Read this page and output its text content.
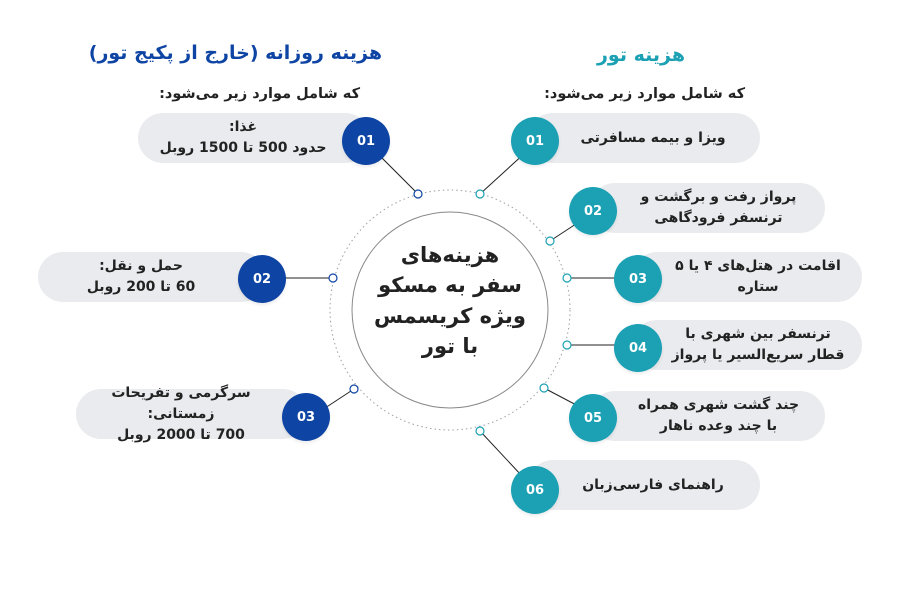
هزینه تور
که شامل موارد زیر می‌شود:
هزینه روزانه (خارج از پکیج تور)
که شامل موارد زیر می‌شود:
هزینه‌های
سفر به مسکو
ویژه کریسمس
با تور
ویزا و بیمه مسافرتی
01
پرواز رفت و برگشت و
ترنسفر فرودگاهی
02
اقامت در هتل‌های ۴ یا ۵
ستاره
03
ترنسفر بین شهری با
قطار سریع‌السیر یا پرواز
04
چند گشت شهری همراه
با چند وعده ناهار
05
راهنمای فارسی‌زبان
06
غذا:
حدود 500 تا 1500 روبل	01
حمل و نقل:
60 تا 200 روبل	02
سرگرمی و تفریحات زمستانی:
700 تا 2000 روبل
03
